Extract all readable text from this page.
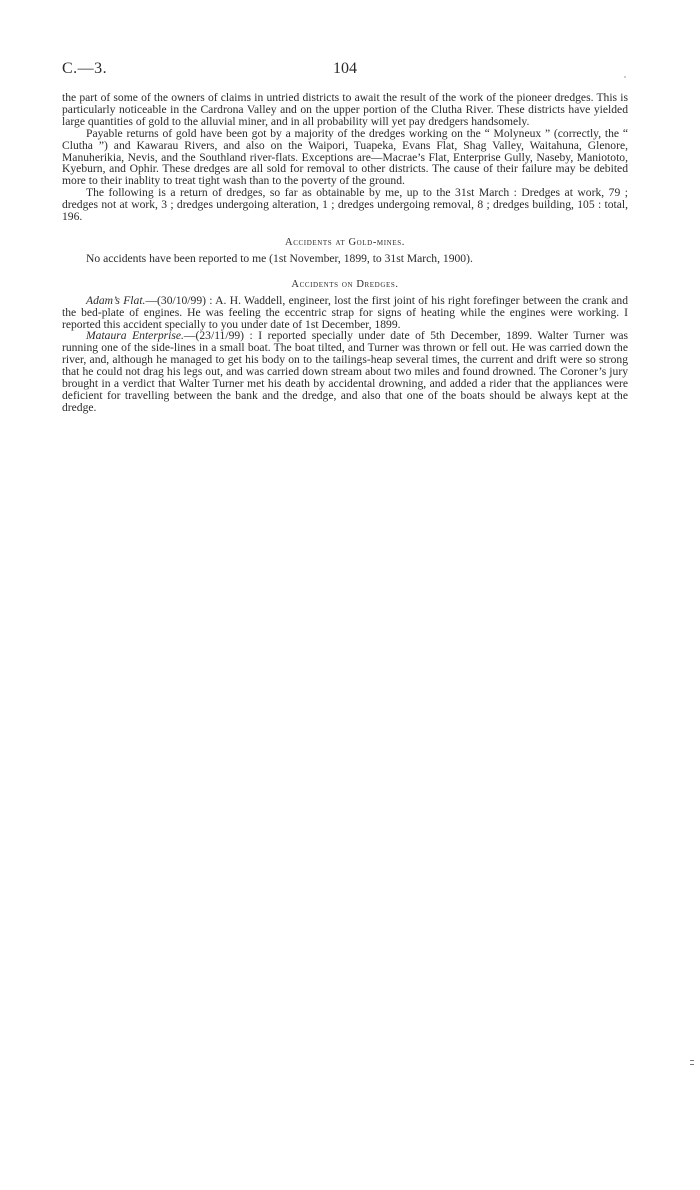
C.—3.	104

the part of some of the owners of claims in untried districts to await the result of the work of the pioneer dredges. This is particularly noticeable in the Cardrona Valley and on the upper portion of the Clutha River. These districts have yielded large quantities of gold to the alluvial miner, and in all probability will yet pay dredgers handsomely.

Payable returns of gold have been got by a majority of the dredges working on the “ Molyneux ” (correctly, the “ Clutha ”) and Kawarau Rivers, and also on the Waipori, Tuapeka, Evans Flat, Shag Valley, Waitahuna, Glenore, Manuherikia, Nevis, and the Southland river-flats. Exceptions are—Macrae’s Flat, Enterprise Gully, Naseby, Maniototo, Kyeburn, and Ophir. These dredges are all sold for removal to other districts. The cause of their failure may be debited more to their inablity to treat tight wash than to the poverty of the ground.

The following is a return of dredges, so far as obtainable by me, up to the 31st March : Dredges at work, 79 ; dredges not at work, 3 ; dredges undergoing alteration, 1 ; dredges undergoing removal, 8 ; dredges building, 105 : total, 196.

Accidents at Gold-mines.

No accidents have been reported to me (1st November, 1899, to 31st March, 1900).

Accidents on Dredges.

Adam’s Flat.—(30/10/99) : A. H. Waddell, engineer, lost the first joint of his right forefinger between the crank and the bed-plate of engines. He was feeling the eccentric strap for signs of heating while the engines were working. I reported this accident specially to you under date of 1st December, 1899.

Mataura Enterprise.—(23/11/99) : I reported specially under date of 5th December, 1899. Walter Turner was running one of the side-lines in a small boat. The boat tilted, and Turner was thrown or fell out. He was carried down the river, and, although he managed to get his body on to the tailings-heap several times, the current and drift were so strong that he could not drag his legs out, and was carried down stream about two miles and found drowned. The Coroner’s jury brought in a verdict that Walter Turner met his death by accidental drowning, and added a rider that the appliances were deficient for travelling between the bank and the dredge, and also that one of the boats should be always kept at the dredge.
